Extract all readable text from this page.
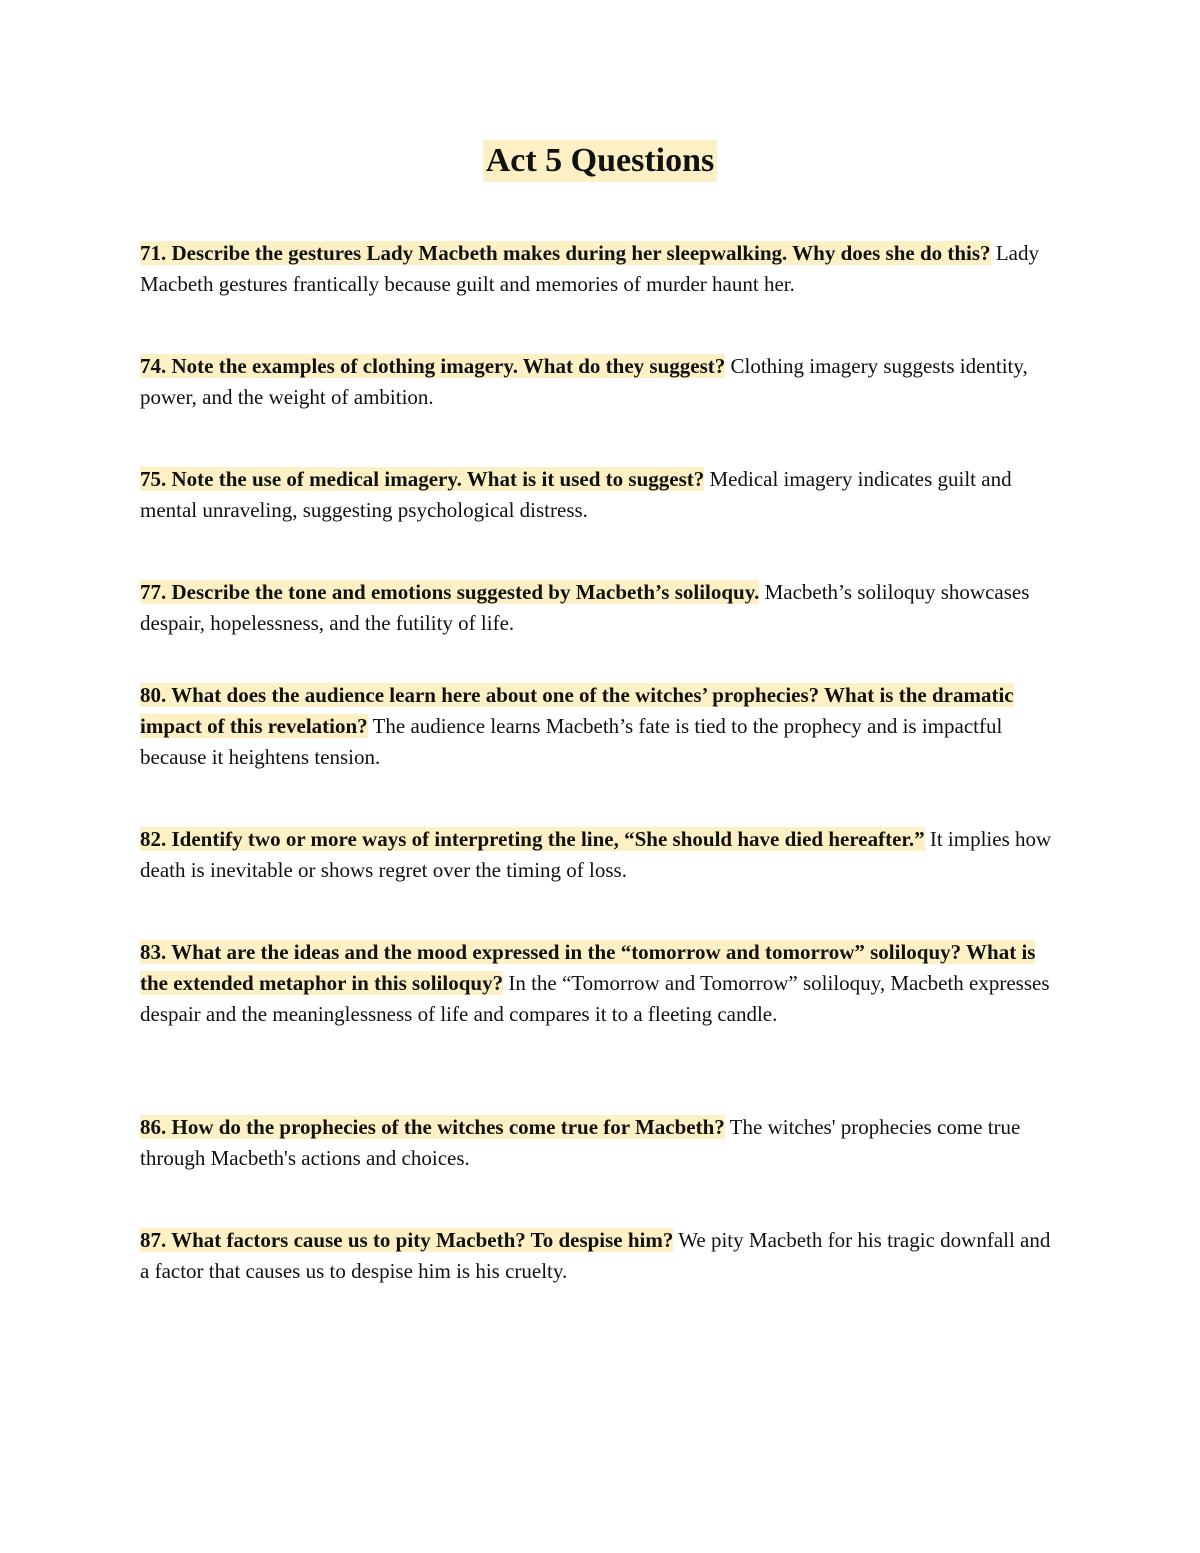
Act 5 Questions

71. Describe the gestures Lady Macbeth makes during her sleepwalking. Why does she do this? Lady Macbeth gestures frantically because guilt and memories of murder haunt her.

74. Note the examples of clothing imagery. What do they suggest? Clothing imagery suggests identity, power, and the weight of ambition.

75. Note the use of medical imagery. What is it used to suggest? Medical imagery indicates guilt and mental unraveling, suggesting psychological distress.

77. Describe the tone and emotions suggested by Macbeth’s soliloquy. Macbeth’s soliloquy showcases despair, hopelessness, and the futility of life.

80. What does the audience learn here about one of the witches’ prophecies? What is the dramatic impact of this revelation? The audience learns Macbeth’s fate is tied to the prophecy and is impactful because it heightens tension.

82. Identify two or more ways of interpreting the line, “She should have died hereafter.” It implies how death is inevitable or shows regret over the timing of loss.

83. What are the ideas and the mood expressed in the “tomorrow and tomorrow” soliloquy? What is the extended metaphor in this soliloquy? In the “Tomorrow and Tomorrow” soliloquy, Macbeth expresses despair and the meaninglessness of life and compares it to a fleeting candle.

86. How do the prophecies of the witches come true for Macbeth? The witches' prophecies come true through Macbeth's actions and choices.

87. What factors cause us to pity Macbeth? To despise him? We pity Macbeth for his tragic downfall and a factor that causes us to despise him is his cruelty.
